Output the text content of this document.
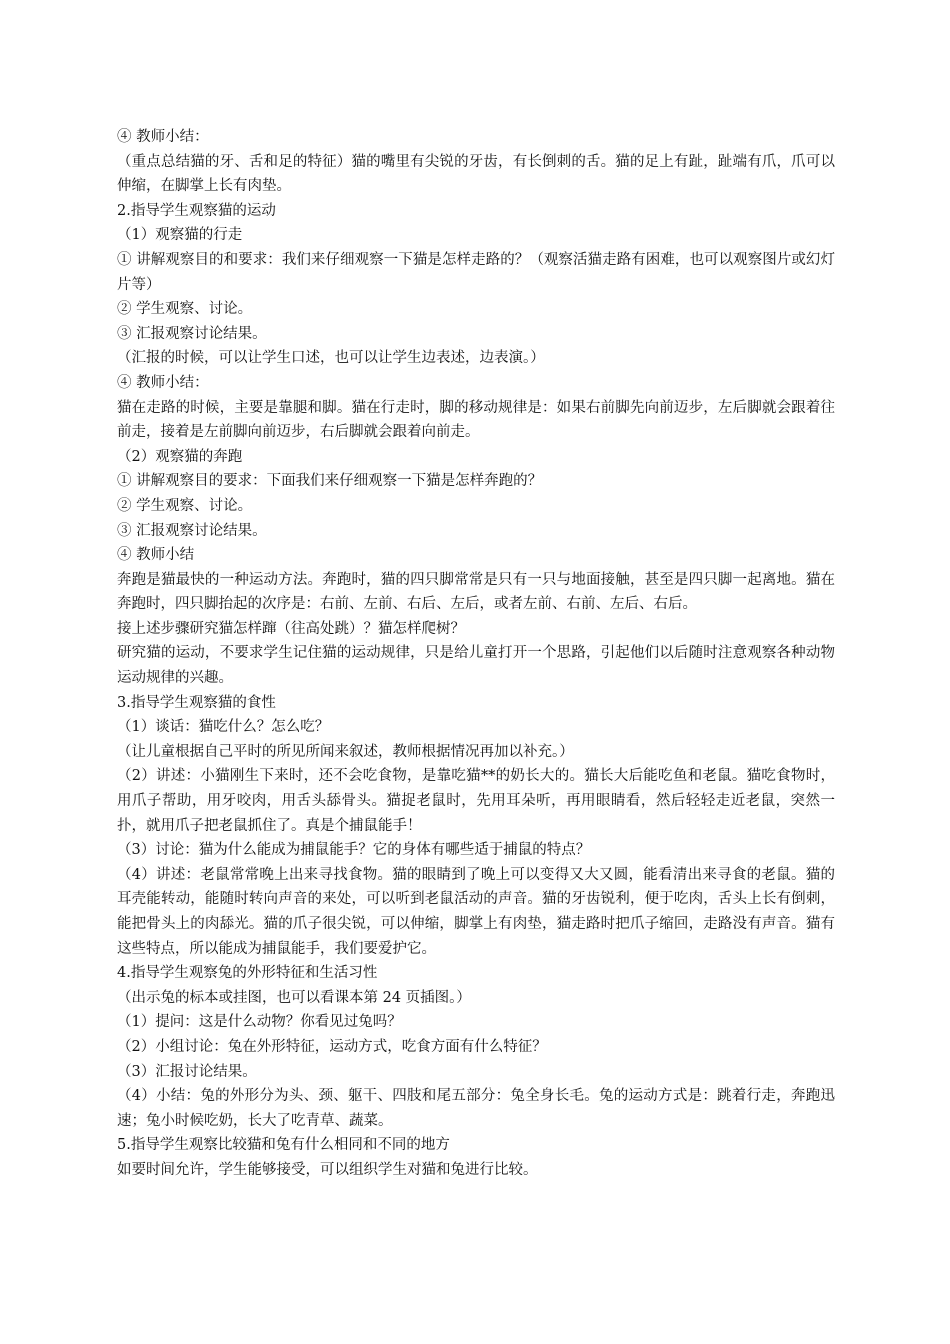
④ 教师小结：

（重点总结猫的牙、舌和足的特征）猫的嘴里有尖锐的牙齿，有长倒刺的舌。猫的足上有趾，趾端有爪，爪可以伸缩，在脚掌上长有肉垫。

2.指导学生观察猫的运动

（1）观察猫的行走

① 讲解观察目的和要求：我们来仔细观察一下猫是怎样走路的？（观察活猫走路有困难，也可以观察图片或幻灯片等）

② 学生观察、讨论。

③ 汇报观察讨论结果。

（汇报的时候，可以让学生口述，也可以让学生边表述，边表演。）

④ 教师小结：

猫在走路的时候，主要是靠腿和脚。猫在行走时，脚的移动规律是：如果右前脚先向前迈步，左后脚就会跟着往前走，接着是左前脚向前迈步，右后脚就会跟着向前走。

（2）观察猫的奔跑

① 讲解观察目的要求：下面我们来仔细观察一下猫是怎样奔跑的？

② 学生观察、讨论。

③ 汇报观察讨论结果。

④ 教师小结

奔跑是猫最快的一种运动方法。奔跑时，猫的四只脚常常是只有一只与地面接触，甚至是四只脚一起离地。猫在奔跑时，四只脚抬起的次序是：右前、左前、右后、左后，或者左前、右前、左后、右后。

接上述步骤研究猫怎样蹿（往高处跳）？猫怎样爬树？

研究猫的运动，不要求学生记住猫的运动规律，只是给儿童打开一个思路，引起他们以后随时注意观察各种动物运动规律的兴趣。

3.指导学生观察猫的食性

（1）谈话：猫吃什么？怎么吃？

（让儿童根据自己平时的所见所闻来叙述，教师根据情况再加以补充。）

（2）讲述：小猫刚生下来时，还不会吃食物，是靠吃猫**的奶长大的。猫长大后能吃鱼和老鼠。猫吃食物时，用爪子帮助，用牙咬肉，用舌头舔骨头。猫捉老鼠时，先用耳朵听，再用眼睛看，然后轻轻走近老鼠，突然一扑，就用爪子把老鼠抓住了。真是个捕鼠能手！

（3）讨论：猫为什么能成为捕鼠能手？它的身体有哪些适于捕鼠的特点？

（4）讲述：老鼠常常晚上出来寻找食物。猫的眼睛到了晚上可以变得又大又圆，能看清出来寻食的老鼠。猫的耳壳能转动，能随时转向声音的来处，可以听到老鼠活动的声音。猫的牙齿锐利，便于吃肉，舌头上长有倒刺，能把骨头上的肉舔光。猫的爪子很尖锐，可以伸缩，脚掌上有肉垫，猫走路时把爪子缩回，走路没有声音。猫有这些特点，所以能成为捕鼠能手，我们要爱护它。

4.指导学生观察兔的外形特征和生活习性

（出示兔的标本或挂图，也可以看课本第 24 页插图。）

（1）提问：这是什么动物？你看见过兔吗？

（2）小组讨论：兔在外形特征，运动方式，吃食方面有什么特征？

（3）汇报讨论结果。

（4）小结：兔的外形分为头、颈、躯干、四肢和尾五部分：兔全身长毛。兔的运动方式是：跳着行走，奔跑迅速；兔小时候吃奶，长大了吃青草、蔬菜。

5.指导学生观察比较猫和兔有什么相同和不同的地方

如要时间允许，学生能够接受，可以组织学生对猫和兔进行比较。
